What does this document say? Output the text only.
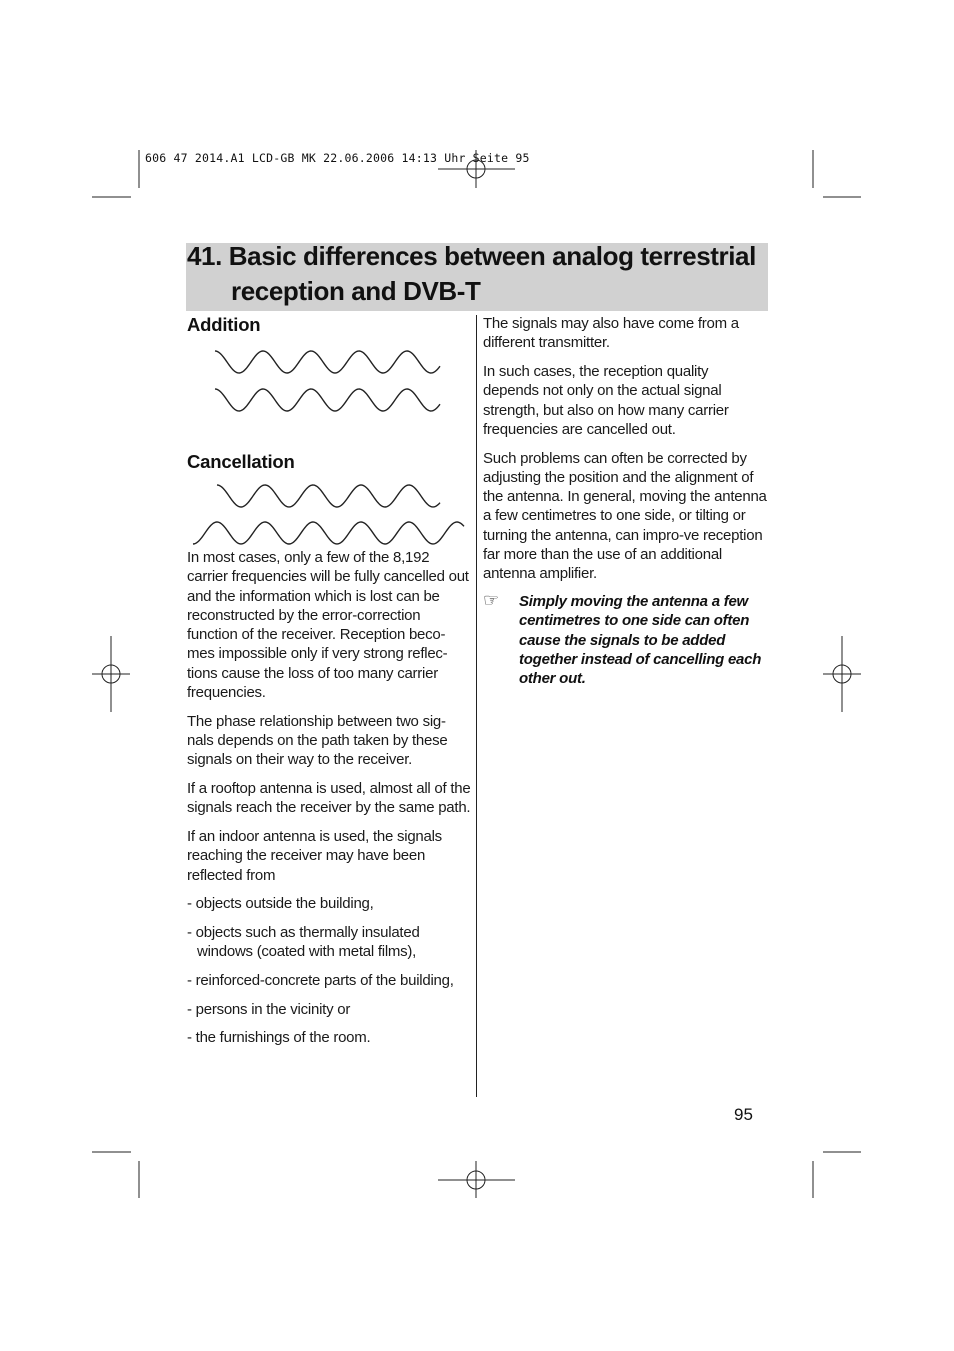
606 47 2014.A1 LCD-GB MK 22.06.2006 14:13 Uhr Seite 95
41. Basic differences between analog terrestrial
reception and DVB-T
Addition
Cancellation

In most cases, only a few of the 8,192 carrier frequencies will be fully cancelled out and the information which is lost can be reconstructed by the error-correction function of the receiver. Reception beco-mes impossible only if very strong reflec-tions cause the loss of too many carrier frequencies.

The phase relationship between two sig-nals depends on the path taken by these signals on their way to the receiver.

If a rooftop antenna is used, almost all of the signals reach the receiver by the same path.

If an indoor antenna is used, the signals reaching the receiver may have been reflected from

- objects outside the building,

- objects such as thermally insulated windows (coated with metal films),

- reinforced-concrete parts of the building,

- persons in the vicinity or

- the furnishings of the room.

The signals may also have come from a different transmitter.

In such cases, the reception quality depends not only on the actual signal strength, but also on how many carrier frequencies are cancelled out.

Such problems can often be corrected by adjusting the position and the alignment of the antenna. In general, moving the antenna a few centimetres to one side, or tilting or turning the antenna, can impro-ve reception far more than the use of an additional antenna amplifier.

☞ Simply moving the antenna a few centimetres to one side can often cause the signals to be added together instead of cancelling each other out.
95
